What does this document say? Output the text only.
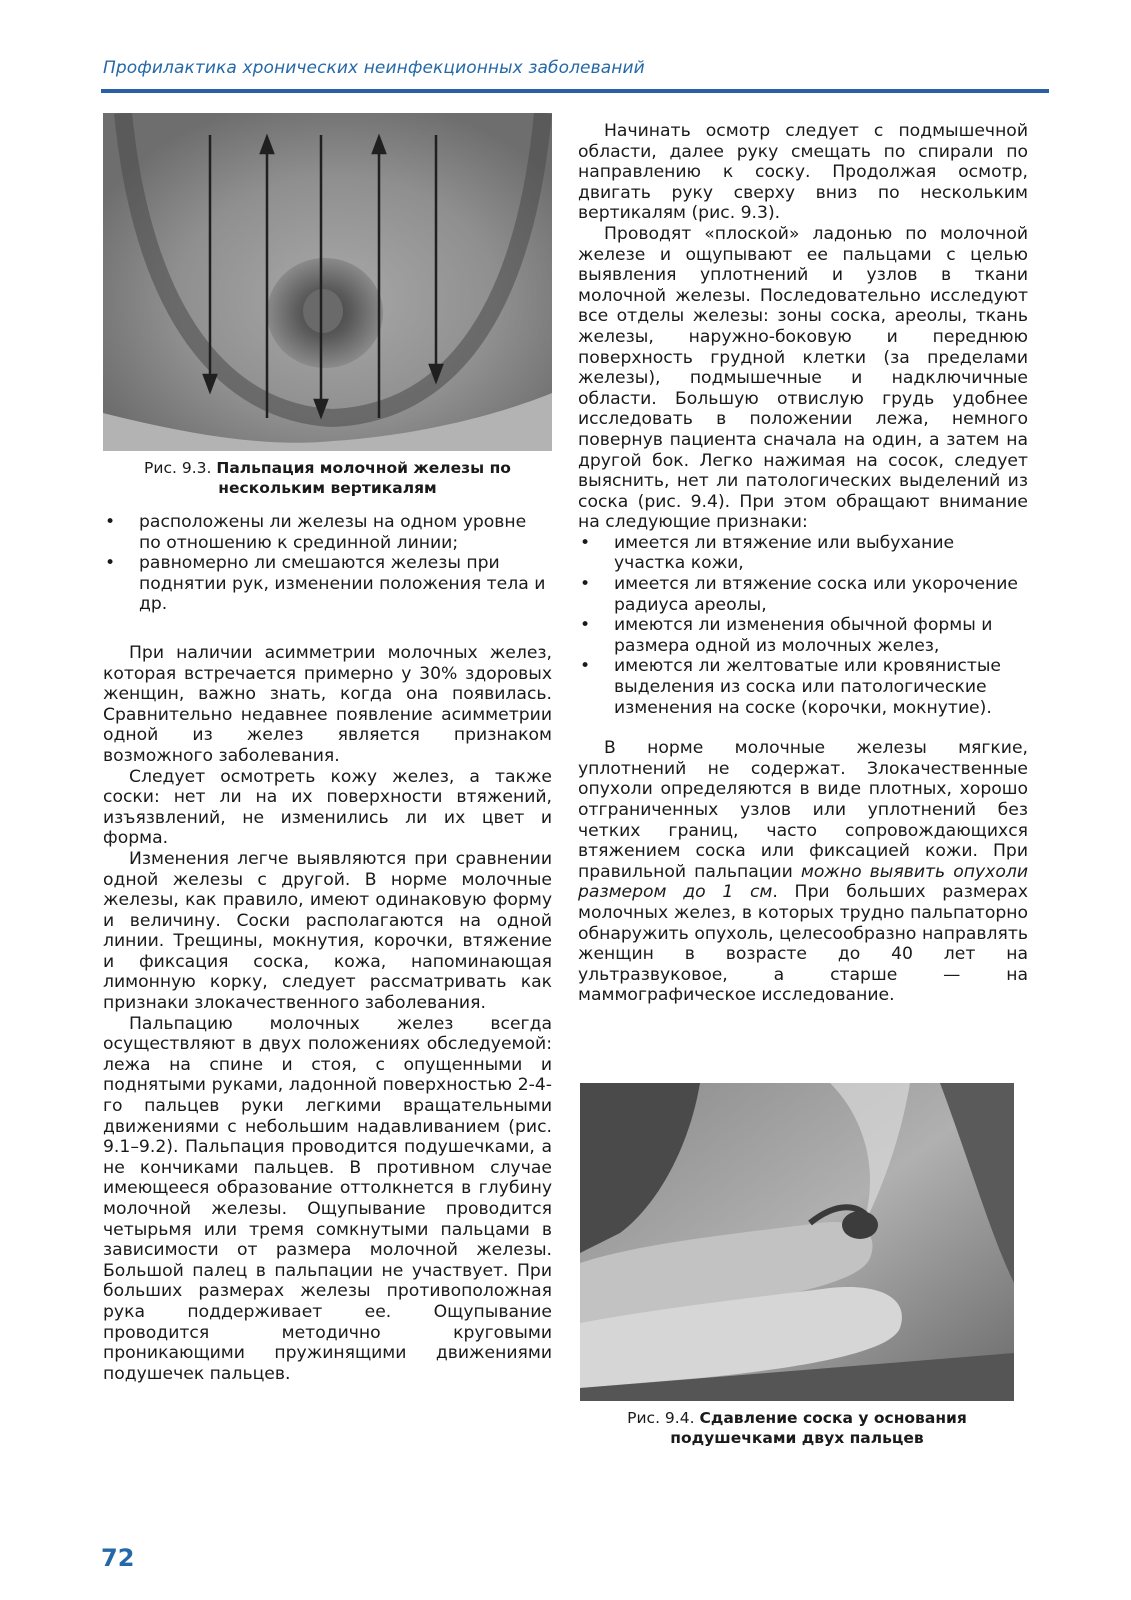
Профилактика хронических неинфекционных заболеваний
Рис. 9.3. Пальпация молочной железы по нескольким вертикалям
• расположены ли железы на одном уровне по отношению к срединной линии;
• равномерно ли смешаются железы при поднятии рук, изменении положения тела и др.

При наличии асимметрии молочных желез, которая встречается примерно у 30% здоровых женщин, важно знать, когда она появилась. Сравнительно недавнее появление асимметрии одной из желез является признаком возможного заболевания.

Следует осмотреть кожу желез, а также соски: нет ли на их поверхности втяжений, изъязвлений, не изменились ли их цвет и форма.

Изменения легче выявляются при сравнении одной железы с другой. В норме молочные железы, как правило, имеют одинаковую форму и величину. Соски располагаются на одной линии. Трещины, мокнутия, корочки, втяжение и фиксация соска, кожа, напоминающая лимонную корку, следует рассматривать как признаки злокачественного заболевания.

Пальпацию молочных желез всегда осуществляют в двух положениях обследуемой: лежа на спине и стоя, с опущенными и поднятыми руками, ладонной поверхностью 2-4-го пальцев руки легкими вращательными движениями с небольшим надавливанием (рис. 9.1–9.2). Пальпация проводится подушечками, а не кончиками пальцев. В противном случае имеющееся образование оттолкнется в глубину молочной железы. Ощупывание проводится четырьмя или тремя сомкнутыми пальцами в зависимости от размера молочной железы. Большой палец в пальпации не участвует. При больших размерах железы противоположная рука поддерживает ее. Ощупывание проводится методично круговыми проникающими пружинящими движениями подушечек пальцев.

Начинать осмотр следует с подмышечной области, далее руку смещать по спирали по направлению к соску. Продолжая осмотр, двигать руку сверху вниз по нескольким вертикалям (рис. 9.3).

Проводят «плоской» ладонью по молочной железе и ощупывают ее пальцами с целью выявления уплотнений и узлов в ткани молочной железы. Последовательно исследуют все отделы железы: зоны соска, ареолы, ткань железы, наружно-боковую и переднюю поверхность грудной клетки (за пределами железы), подмышечные и надключичные области. Большую отвислую грудь удобнее исследовать в положении лежа, немного повернув пациента сначала на один, а затем на другой бок. Легко нажимая на сосок, следует выяснить, нет ли патологических выделений из соска (рис. 9.4). При этом обращают внимание на следующие признаки:

• имеется ли втяжение или выбухание участка кожи,
• имеется ли втяжение соска или укорочение радиуса ареолы,
• имеются ли изменения обычной формы и размера одной из молочных желез,
• имеются ли желтоватые или кровянистые выделения из соска или патологические изменения на соске (корочки, мокнутие).

В норме молочные железы мягкие, уплотнений не содержат. Злокачественные опухоли определяются в виде плотных, хорошо отграниченных узлов или уплотнений без четких границ, часто сопровождающихся втяжением соска или фиксацией кожи. При правильной пальпации можно выявить опухоли размером до 1 см. При больших размерах молочных желез, в которых трудно пальпаторно обнаружить опухоль, целесообразно направлять женщин в возрасте до 40 лет на ультразвуковое, а старше — на маммографическое исследование.

Рис. 9.4. Сдавление соска у основания подушечками двух пальцев
72
